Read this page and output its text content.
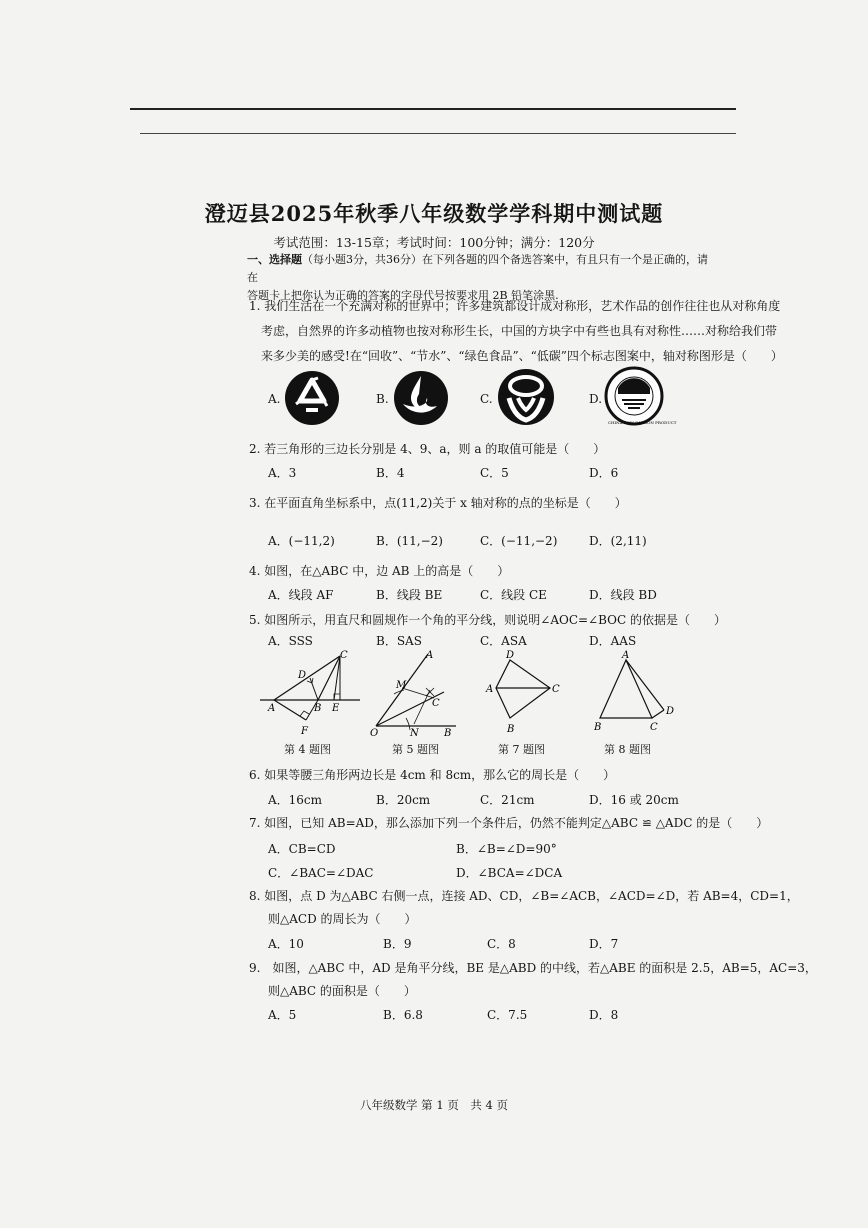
澄迈县2025年秋季八年级数学学科期中测试题
考试范围：13-15章；考试时间：100分钟；满分：120分
一、选择题（每小题3分，共36分）在下列各题的四个备选答案中，有且只有一个是正确的，请在
答题卡上把你认为正确的答案的字母代号按要求用 2B 铅笔涂黑.
1. 我们生活在一个充满对称的世界中；许多建筑都设计成对称形，艺术作品的创作往往也从对称角度
考虑，自然界的许多动植物也按对称形生长，中国的方块字中有些也具有对称性……对称给我们带
来多少美的感受!在“回收”、“节水”、“绿色食品”、“低碳”四个标志图案中，轴对称图形是（　　）
A.	B.	C.	D.
CHINA LOW CARBON PRODUCT
2. 若三角形的三边长分别是 4、9、a，则 a 的取值可能是（　　）
A．3	B．4	C．5	D．6
3. 在平面直角坐标系中，点(11,2)关于 x 轴对称的点的坐标是（　　）
A．(−11,2)	B．(11,−2)	C．(−11,−2)	D．(2,11)
4. 如图，在△ABC 中，边 AB 上的高是（　　）
A．线段 AF	B．线段 BE	C．线段 CE	D．线段 BD
5. 如图所示，用直尺和圆规作一个角的平分线，则说明∠AOC=∠BOC 的依据是（　　）
A．SSS	B．SAS	C．ASA	D．AAS
C
D
A	B E
F
A
M
C
O	N	B
D
A	C
B
A
D
B	C
第 4 题图	第 5 题图	第 7 题图	第 8 题图
6. 如果等腰三角形两边长是 4cm 和 8cm，那么它的周长是（　　）
A．16cm	B．20cm	C．21cm	D．16 或 20cm
7. 如图，已知 AB=AD，那么添加下列一个条件后，仍然不能判定△ABC ≌ △ADC 的是（　　）
A．CB=CD	B．∠B=∠D=90°
C．∠BAC=∠DAC	D．∠BCA=∠DCA
8. 如图，点 D 为△ABC 右侧一点，连接 AD、CD，∠B=∠ACB，∠ACD=∠D，若 AB=4，CD=1，
则△ACD 的周长为（　　）
A．10	B．9	C．8	D．7
9.　如图，△ABC 中，AD 是角平分线，BE 是△ABD 的中线，若△ABE 的面积是 2.5，AB=5，AC=3，
则△ABC 的面积是（　　）
A．5	B．6.8	C．7.5	D．8
八年级数学 第 1 页　共 4 页
